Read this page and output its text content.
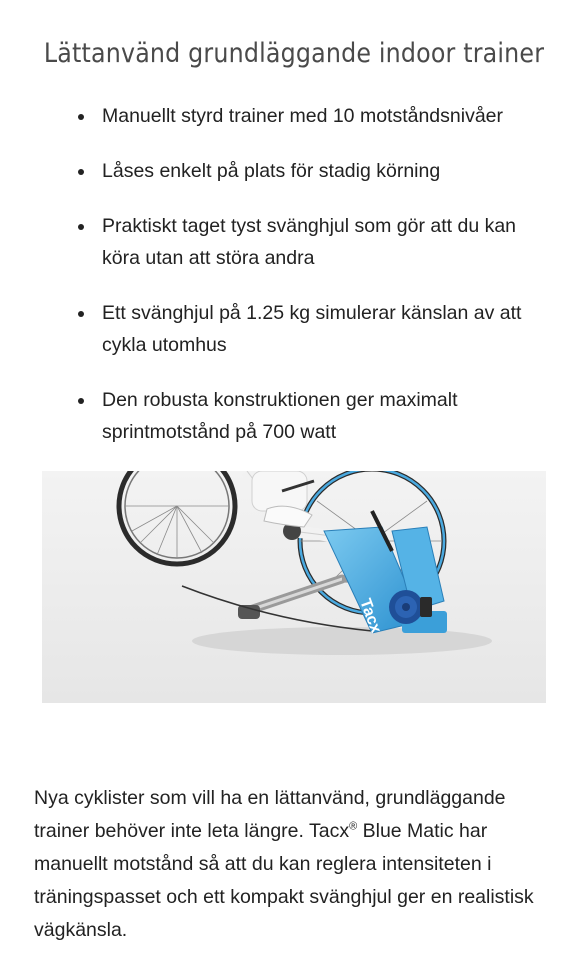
Lättanvänd grundläggande indoor trainer
Manuellt styrd trainer med 10 motståndsnivåer
Låses enkelt på plats för stadig körning
Praktiskt taget tyst svänghjul som gör att du kan köra utan att störa andra
Ett svänghjul på 1.25 kg simulerar känslan av att cykla utomhus
Den robusta konstruktionen ger maximalt sprintmotstånd på 700 watt
Tacx

Nya cyklister som vill ha en lättanvänd, grundläggande trainer behöver inte leta längre. Tacx® Blue Matic har manuellt motstånd så att du kan reglera intensiteten i träningspasset och ett kompakt svänghjul ger en realistisk vägkänsla.
